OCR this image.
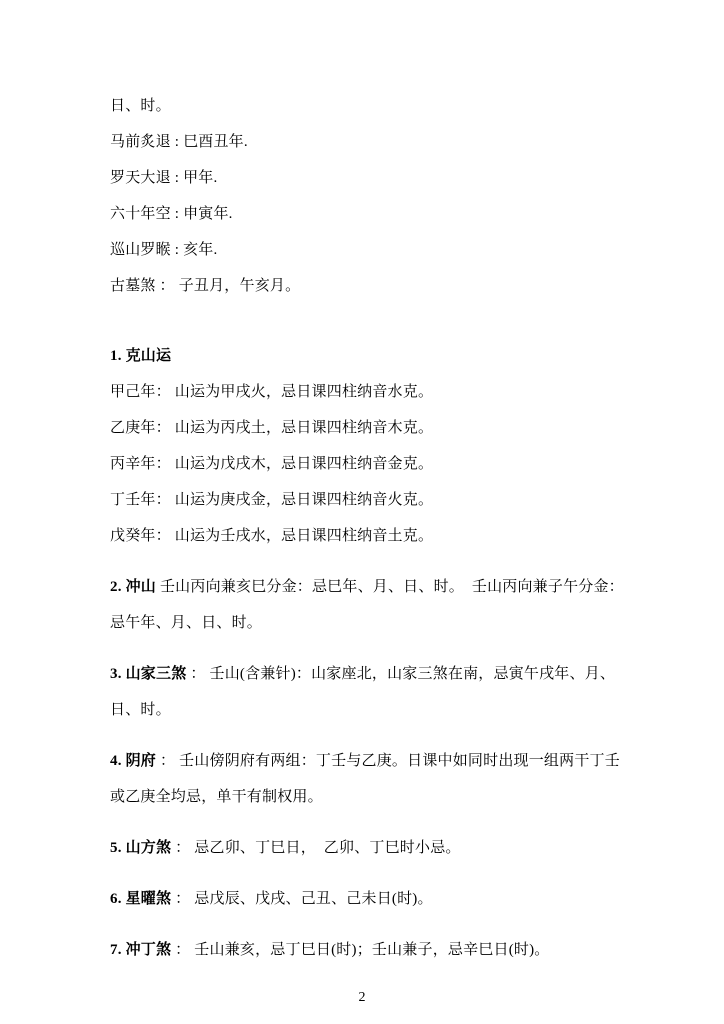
日、时。
马前炙退 : 巳酉丑年.
罗天大退 : 甲年.
六十年空 : 申寅年.
巡山罗睺 : 亥年.
古墓煞 ： 子丑月，午亥月。
1. 克山运
甲己年： 山运为甲戌火，忌日课四柱纳音水克。
乙庚年： 山运为丙戌土，忌日课四柱纳音木克。
丙辛年： 山运为戊戌木，忌日课四柱纳音金克。
丁壬年： 山运为庚戌金，忌日课四柱纳音火克。
戊癸年： 山运为壬戌水，忌日课四柱纳音土克。

2. 冲山 壬山丙向兼亥巳分金：忌巳年、月、日、时。  壬山丙向兼子午分金：忌午年、月、日、时。

3. 山家三煞 ： 壬山(含兼针)：山家座北，山家三煞在南，忌寅午戌年、月、日、时。

4. 阴府 ： 壬山傍阴府有两组：丁壬与乙庚。日课中如同时出现一组两干丁壬或乙庚全均忌，单干有制权用。

5. 山方煞 ： 忌乙卯、丁巳日，  乙卯、丁巳时小忌。

6. 星曜煞 ： 忌戊辰、戊戌、己丑、己未日(时)。

7. 冲丁煞 ： 壬山兼亥，忌丁巳日(时)；壬山兼子，忌辛巳日(时)。

2
